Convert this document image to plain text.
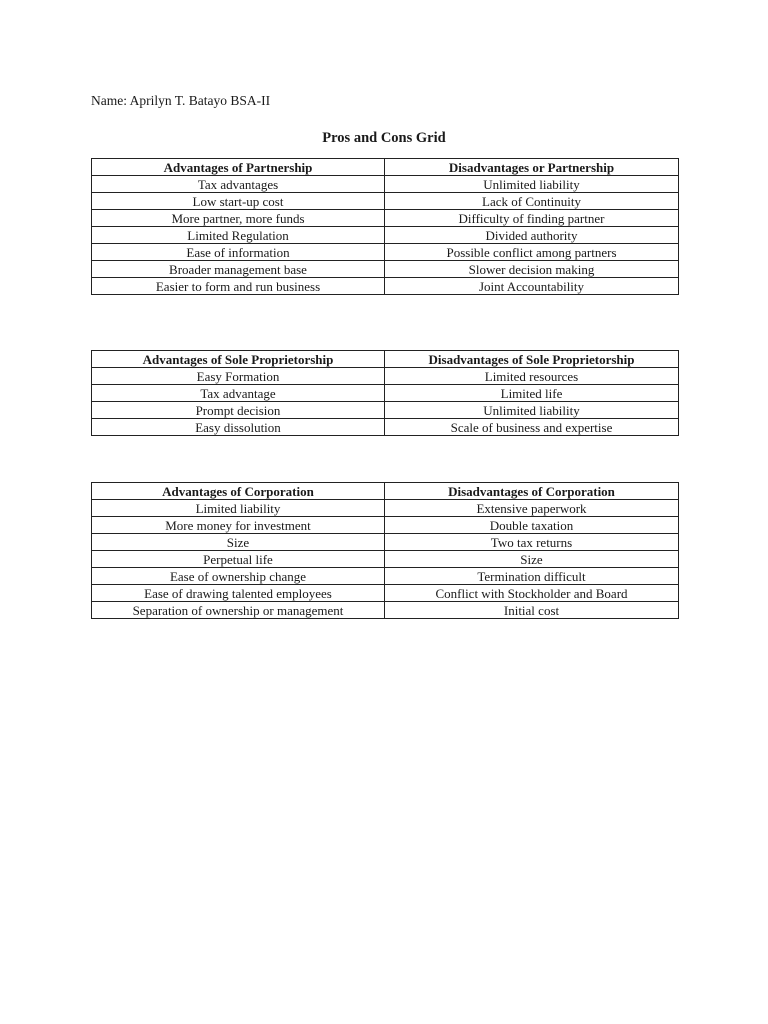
Name: Aprilyn T. Batayo BSA-II
Pros and Cons Grid
Advantages of Partnership	Disadvantages or Partnership
Tax advantages	Unlimited liability
Low start-up cost	Lack of Continuity
More partner, more funds	Difficulty of finding partner
Limited Regulation	Divided authority
Ease of information	Possible conflict among partners
Broader management base	Slower decision making
Easier to form and run business	Joint Accountability
Advantages of Sole Proprietorship	Disadvantages of Sole Proprietorship
Easy Formation	Limited resources
Tax advantage	Limited life
Prompt decision	Unlimited liability
Easy dissolution	Scale of business and expertise
Advantages of Corporation	Disadvantages of Corporation
Limited liability	Extensive paperwork
More money for investment	Double taxation
Size	Two tax returns
Perpetual life	Size
Ease of ownership change	Termination difficult
Ease of drawing talented employees	Conflict with Stockholder and Board
Separation of ownership or management	Initial cost
